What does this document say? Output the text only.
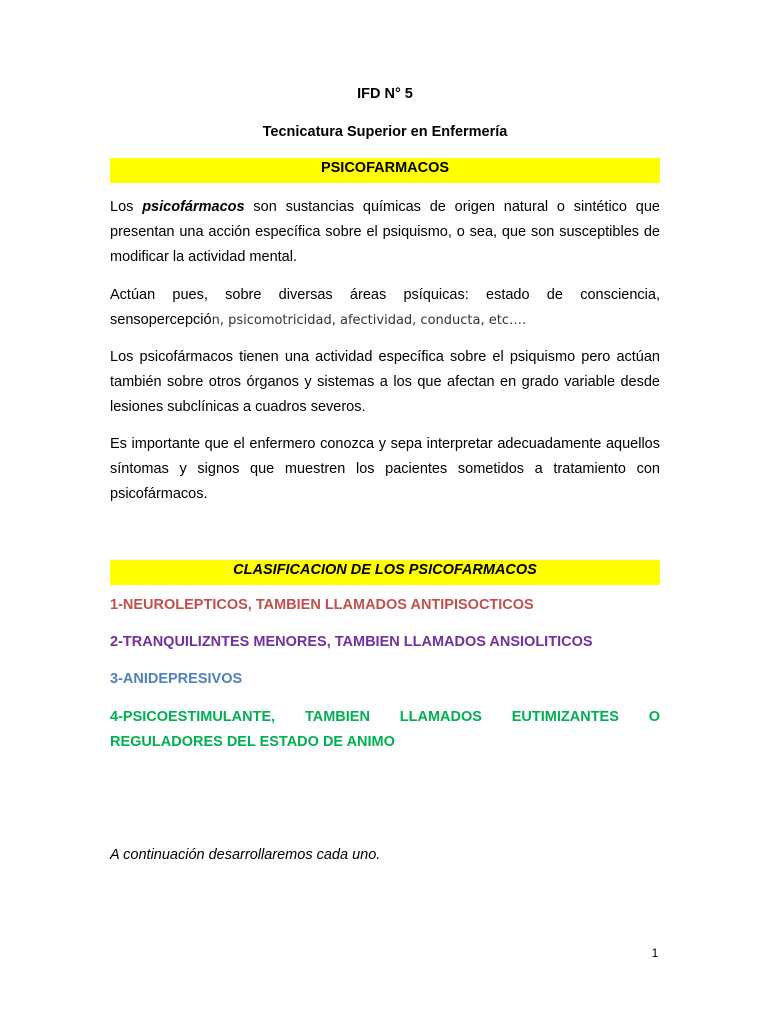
IFD N° 5
Tecnicatura Superior en Enfermería
PSICOFARMACOS
Los psicofármacos son sustancias químicas de origen natural o sintético que presentan una acción específica sobre el psiquismo, o sea, que son susceptibles de modificar la actividad mental.
Actúan pues, sobre diversas áreas psíquicas: estado de consciencia, sensopercepción, psicomotricidad, afectividad, conducta, etc….
Los psicofármacos tienen una actividad específica sobre el psiquismo pero actúan también sobre otros órganos y sistemas a los que afectan en grado variable desde lesiones subclínicas a cuadros severos.
Es importante que el enfermero conozca y sepa interpretar adecuadamente aquellos síntomas y signos que muestren los pacientes sometidos a tratamiento con psicofármacos.
CLASIFICACION DE LOS PSICOFARMACOS
1-NEUROLEPTICOS, TAMBIEN LLAMADOS ANTIPISOCTICOS
2-TRANQUILIZNTES MENORES, TAMBIEN LLAMADOS ANSIOLITICOS
3-ANIDEPRESIVOS
4-PSICOESTIMULANTE, TAMBIEN LLAMADOS EUTIMIZANTES O
REGULADORES DEL ESTADO DE ANIMO
A continuación desarrollaremos cada uno.
1
